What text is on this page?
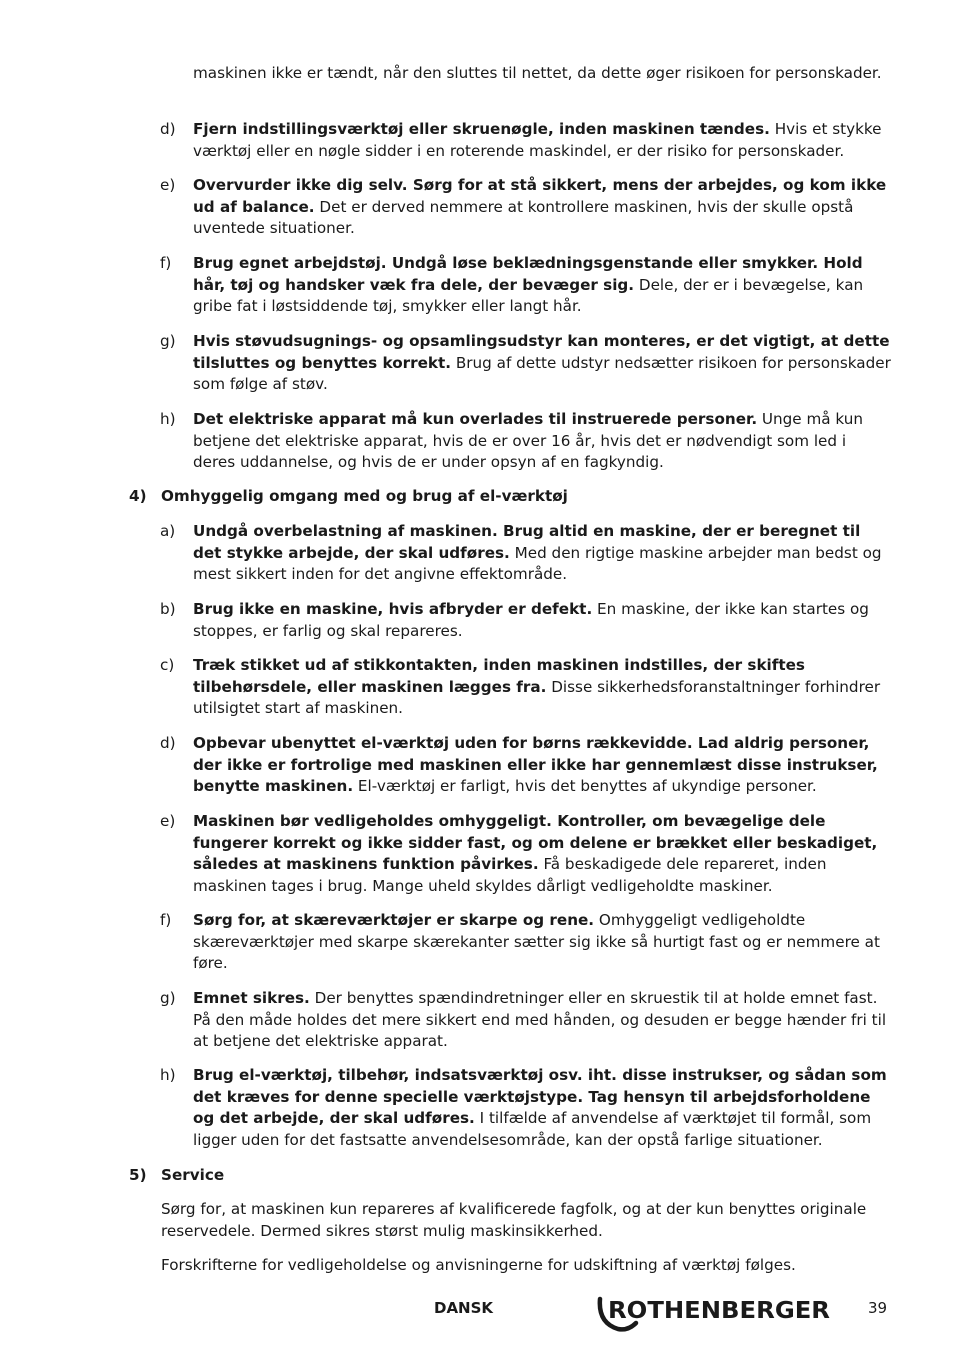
maskinen ikke er tændt, når den sluttes til nettet, da dette øger risikoen for personskader.
d) Fjern indstillingsværktøj eller skruenøgle, inden maskinen tændes. Hvis et stykke værktøj eller en nøgle sidder i en roterende maskindel, er der risiko for personskader.
e) Overvurder ikke dig selv. Sørg for at stå sikkert, mens der arbejdes, og kom ikke ud af balance. Det er derved nemmere at kontrollere maskinen, hvis der skulle opstå uventede situationer.
f) Brug egnet arbejdstøj. Undgå løse beklædningsgenstande eller smykker. Hold hår, tøj og handsker væk fra dele, der bevæger sig. Dele, der er i bevægelse, kan gribe fat i løstsiddende tøj, smykker eller langt hår.
g) Hvis støvudsugnings- og opsamlingsudstyr kan monteres, er det vigtigt, at dette tilsluttes og benyttes korrekt. Brug af dette udstyr nedsætter risikoen for personskader som følge af støv.
h) Det elektriske apparat må kun overlades til instruerede personer. Unge må kun betjene det elektriske apparat, hvis de er over 16 år, hvis det er nødvendigt som led i deres uddannelse, og hvis de er under opsyn af en fagkyndig.
4) Omhyggelig omgang med og brug af el-værktøj
a) Undgå overbelastning af maskinen. Brug altid en maskine, der er beregnet til det stykke arbejde, der skal udføres. Med den rigtige maskine arbejder man bedst og mest sikkert inden for det angivne effektområde.
b) Brug ikke en maskine, hvis afbryder er defekt. En maskine, der ikke kan startes og stoppes, er farlig og skal repareres.
c) Træk stikket ud af stikkontakten, inden maskinen indstilles, der skiftes tilbehørsdele, eller maskinen lægges fra. Disse sikkerhedsforanstaltninger forhindrer utilsigtet start af maskinen.
d) Opbevar ubenyttet el-værktøj uden for børns rækkevidde. Lad aldrig personer, der ikke er fortrolige med maskinen eller ikke har gennemlæst disse instrukser, benytte maskinen. El-værktøj er farligt, hvis det benyttes af ukyndige personer.
e) Maskinen bør vedligeholdes omhyggeligt. Kontroller, om bevægelige dele fungerer korrekt og ikke sidder fast, og om delene er brækket eller beskadiget, således at maskinens funktion påvirkes. Få beskadigede dele repareret, inden maskinen tages i brug. Mange uheld skyldes dårligt vedligeholdte maskiner.
f) Sørg for, at skæreværktøjer er skarpe og rene. Omhyggeligt vedligeholdte skæreværktøjer med skarpe skærekanter sætter sig ikke så hurtigt fast og er nemmere at føre.
g) Emnet sikres. Der benyttes spændindretninger eller en skruestik til at holde emnet fast. På den måde holdes det mere sikkert end med hånden, og desuden er begge hænder fri til at betjene det elektriske apparat.
h) Brug el-værktøj, tilbehør, indsatsværktøj osv. iht. disse instrukser, og sådan som det kræves for denne specielle værktøjstype. Tag hensyn til arbejdsforholdene og det arbejde, der skal udføres. I tilfælde af anvendelse af værktøjet til formål, som ligger uden for det fastsatte anvendelsesområde, kan der opstå farlige situationer.
5) Service
Sørg for, at maskinen kun repareres af kvalificerede fagfolk, og at der kun benyttes originale reservedele. Dermed sikres størst mulig maskinsikkerhed.
Forskrifterne for vedligeholdelse og anvisningerne for udskiftning af værktøj følges.
DANSK	ROTHENBERGER	39
